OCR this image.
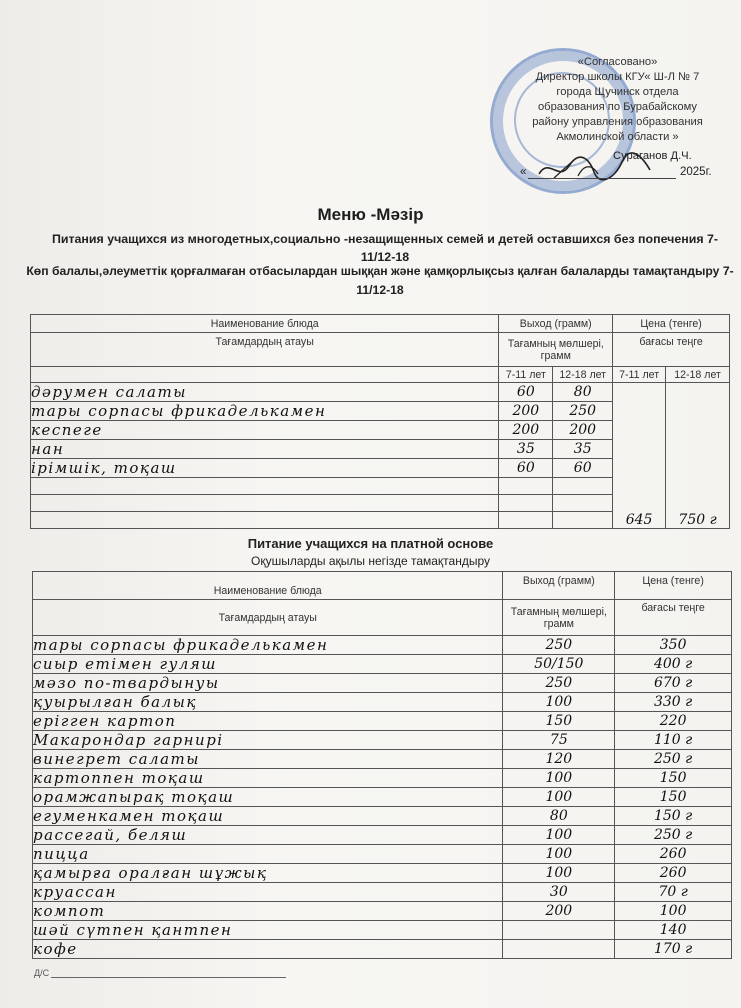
«Согласовано»
Директор школы КГУ« Ш-Л № 7
города Щучинск отдела
образования по Бурабайскому
району управления образования
Акмолинской области »
Сураганов Д.Ч.
«	2025г.
Меню -Мәзір
Питания учащихся из многодетных,социально -незащищенных семей и детей оставшихся без попечения 7-11/12-18
Көп балалы,әлеуметтік қорғалмаған отбасылардан шыққан және қамқорлықсыз қалған балаларды тамақтандыру 7-11/12-18
Наименование блюда	Выход (грамм)		Цена (тенге)	
Тағамдардың атауы	Тағамның мөлшері, грамм		бағасы теңге	
	7-11 лет	12-18 лет	7-11 лет	12-18 лет
дәрумен салаты	60	80	645	750 г
тары сорпасы фрикаделькамен	200	250		
кеспеге	200	200		
нан	35	35		
ірімшік, тоқаш	60	60		

Питание учащихся на платной основе
Оқушыларды ақылы негізде тамақтандыру
Наименование блюда	Выход (грамм)	Цена (тенге)
Тағамдардың атауы	Тағамның мөлшері, грамм	бағасы теңге
тары сорпасы фрикаделькамен	250	350
сиыр етімен гуляш	50/150	400 г
мәзо по-твардынуы	250	670 г
қуырылған балық	100	330 г
ерігген картоп	150	220
Макарондар гарнирі	75	110 г
винегрет салаты	120	250 г
картоппен тоқаш	100	150
орамжапырақ тоқаш	100	150
егуменкамен тоқаш	80	150 г
рассегай, беляш	100	250 г
пицца	100	260
қамырға оралған шұжық	100	260
круассан	30	70 г
компот	200	100
шәй сүтпен қантпен		140
кофе		170 г
Д/С
